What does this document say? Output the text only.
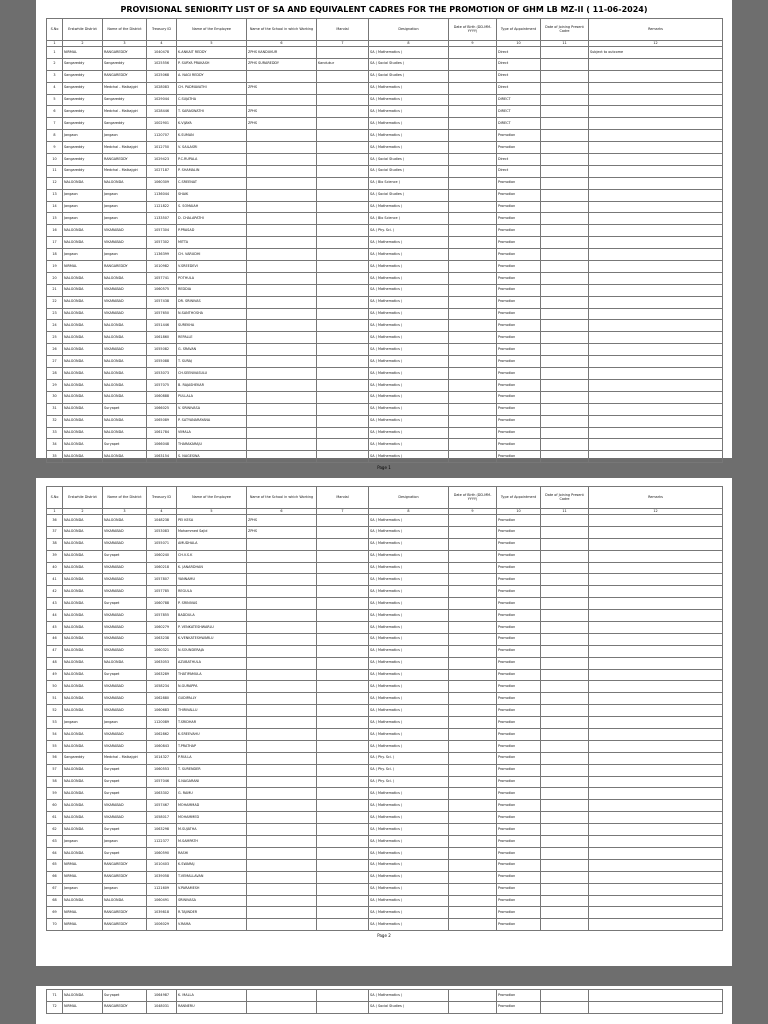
PROVISIONAL SENIORITY LIST OF SA AND EQUIVALENT CADRES FOR THE PROMOTION OF GHM LB MZ-II ( 11-06-2024)
S.No	Erstwhile District	Name of the District	Treasury ID	Name of the Employee	Name of the School in which Working	Mandal	Designation	Date of Birth (DD-MM-YYYY)	Type of Appointment	Date of Joining Present Cadre	Remarks
1	2	3	4	5	6	7	8	9	10	11	12
1	NIRMAL	RANGAREDDY	1040478	K.ANKAIT REDDY	ZPHS KANDUKUR		SA ( Mathematics )		Direct		Subject to outcome
2	Sangareddy	Sangareddy	1025556	P. SURYA PRAKASH	ZPHS SURAREDDY	Kandukur	SA ( Social Studies )		Direct		
3	Sangareddy	RANGAREDDY	1025068	A. NAGI REDDY			SA ( Social Studies )		Direct		
4	Sangareddy	Medchal - Malkajgiri	1028083	CH. PADMAVATHI	ZPHS		SA ( Mathematics )		Direct		
5	Sangareddy	Sangareddy	1029044	C.SUJATHA			SA ( Mathematics )		DIRECT		
6	Sangareddy	Medchal - Malkajgiri	1028446	T. SARASWATHI	ZPHS		SA ( Mathematics )		DIRECT		
7	Sangareddy	Sangareddy	1002901	K.VIJAYA	ZPHS		SA ( Mathematics )		DIRECT		
8	Jangaon	Jangaon	1120707	K.SUMAN			SA ( Mathematics )		Promotion		
9	Sangareddy	Medchal - Malkajgiri	1012750	V. SAILASRI			SA ( Mathematics )		Promotion		
10	Sangareddy	RANGAREDDY	1029423	P.C.RUPALA			SA ( Social Studies )		Direct		
11	Sangareddy	Medchal - Malkajgiri	1027187	P. SHAMALIN			SA ( Social Studies )		Direct		
12	NALGONDA	NALGONDA	1060309	C.SREENAT			SA ( Bio Science )		Promotion		
13	Jangaon	Jangaon	1136044	SHAIK			SA ( Social Studies )		Promotion		
14	Jangaon	Jangaon	1121822	S. SOMAIAH			SA ( Mathematics )		Promotion		
15	Jangaon	Jangaon	1133507	D. CHALAPATHI			SA ( Bio Science )		Promotion		
16	NALGONDA	VIKARABAD	1057304	P.PRASAD			SA ( Phy. Sci. )		Promotion		
17	NALGONDA	VIKARABAD	1057302	MITTA			SA ( Mathematics )		Promotion		
18	Jangaon	Jangaon	1136399	CH. VARUDHI			SA ( Mathematics )		Promotion		
19	NIRMAL	RANGAREDDY	1010982	V.SREEDEVI			SA ( Mathematics )		Promotion		
20	NALGONDA	NALGONDA	1057741	POTHULA			SA ( Mathematics )		Promotion		
21	NALGONDA	VIKARABAD	1060575	REDDIA			SA ( Mathematics )		Promotion		
22	NALGONDA	VIKARABAD	1057438	DR. SRINIVAS			SA ( Mathematics )		Promotion		
23	NALGONDA	VIKARABAD	1057650	N.SANTHOSHA			SA ( Mathematics )		Promotion		
24	NALGONDA	NALGONDA	1051446	SUREKHA			SA ( Mathematics )		Promotion		
25	NALGONDA	NALGONDA	1061860	REPALLE			SA ( Mathematics )		Promotion		
26	NALGONDA	VIKARABAD	1055082	G. SRAVAN			SA ( Mathematics )		Promotion		
27	NALGONDA	NALGONDA	1055088	T. SURAJ			SA ( Mathematics )		Promotion		
28	NALGONDA	NALGONDA	1053073	CH.SEENIVASULU			SA ( Mathematics )		Promotion		
29	NALGONDA	NALGONDA	1057075	B. RAJASHEKAR			SA ( Mathematics )		Promotion		
30	NALGONDA	NALGONDA	1060888	PULLALA			SA ( Mathematics )		Promotion		
31	NALGONDA	Suryapet	1066025	V. SRINIVASA			SA ( Mathematics )		Promotion		
32	NALGONDA	NALGONDA	1065089	P. SATYANARAYANA			SA ( Mathematics )		Promotion		
33	NALGONDA	NALGONDA	1061784	VIMALA			SA ( Mathematics )		Promotion		
34	NALGONDA	Suryapet	1066048	THARAKARAJU			SA ( Mathematics )		Promotion		
35	NALGONDA	NALGONDA	1063154	S. NAGESWA			SA ( Mathematics )		Promotion		
Page 1
S.No	Erstwhile District	Name of the District	Treasury ID	Name of the Employee	Name of the School in which Working	Mandal	Designation	Date of Birth (DD-MM-YYYY)	Type of Appointment	Date of Joining Present Cadre	Remarks
1	2	3	4	5	6	7	8	9	10	11	12
36	NALGONDA	NALGONDA	1048238	PEI KESA	ZPHS		SA ( Mathematics )		Promotion		
37	NALGONDA	VIKARABAD	1053083	Mohammed Sajid	ZPHS		SA ( Mathematics )		Promotion		
38	NALGONDA	VIKARABAD	1055071	AMUDHALA			SA ( Mathematics )		Promotion		
39	NALGONDA	Suryapet	1060240	CH.V.S.K			SA ( Mathematics )		Promotion		
40	NALGONDA	VIKARABAD	1060218	K. JANARDHAN			SA ( Mathematics )		Promotion		
41	NALGONDA	VIKARABAD	1057807	YANNAMU			SA ( Mathematics )		Promotion		
42	NALGONDA	VIKARABAD	1057785	REGULA			SA ( Mathematics )		Promotion		
43	NALGONDA	Suryapet	1060788	P. SRINIVAS			SA ( Mathematics )		Promotion		
44	NALGONDA	VIKARABAD	1057855	BADDULA			SA ( Mathematics )		Promotion		
45	NALGONDA	VIKARABAD	1060279	P. VENKATESHWARLU			SA ( Mathematics )		Promotion		
46	NALGONDA	VIKARABAD	1063238	K.VENKATESHWARLU			SA ( Mathematics )		Promotion		
47	NALGONDA	VIKARABAD	1060321	N.SOUNDERAJA			SA ( Mathematics )		Promotion		
48	NALGONDA	NALGONDA	1063053	AZUBATHULA			SA ( Mathematics )		Promotion		
49	NALGONDA	Suryapet	1063289	THATIPAMULA			SA ( Mathematics )		Promotion		
50	NALGONDA	VIKARABAD	1058234	N.GURAPPA			SA ( Mathematics )		Promotion		
51	NALGONDA	VIKARABAD	1062880	GUDIPALLY			SA ( Mathematics )		Promotion		
52	NALGONDA	VIKARABAD	1060683	THIRIVALLU			SA ( Mathematics )		Promotion		
53	Jangaon	Jangaon	1120089	T.SRIDHAR			SA ( Mathematics )		Promotion		
54	NALGONDA	VIKARABAD	1062862	K.SREEVAHU			SA ( Mathematics )		Promotion		
55	NALGONDA	VIKARABAD	1060843	T.PRATHAP			SA ( Mathematics )		Promotion		
56	Sangareddy	Medchal - Malkajgiri	1014327	P.RULLA			SA ( Phy. Sci. )		Promotion		
57	NALGONDA	Suryapet	1060553	T. SURENDER			SA ( Phy. Sci. )		Promotion		
58	NALGONDA	Suryapet	1057046	S.NAGARANI			SA ( Phy. Sci. )		Promotion		
59	NALGONDA	Suryapet	1063302	G. RAMU			SA ( Mathematics )		Promotion		
60	NALGONDA	VIKARABAD	1057467	MOHAMMAD			SA ( Mathematics )		Promotion		
61	NALGONDA	VIKARABAD	1058017	MOHAMMED			SA ( Mathematics )		Promotion		
62	NALGONDA	Suryapet	1063298	M.SUJATHA			SA ( Mathematics )		Promotion		
63	Jangaon	Jangaon	1122377	M.SAMPATH			SA ( Mathematics )		Promotion		
64	NALGONDA	Suryapet	1060590	RASHI			SA ( Mathematics )		Promotion		
65	NIRMAL	RANGAREDDY	1010403	K.SWARAJ			SA ( Mathematics )		Promotion		
66	NIRMAL	RANGAREDDY	1039058	T.VEMALLAVAN			SA ( Mathematics )		Promotion		
67	Jangaon	Jangaon	1121609	V.PARAMESH			SA ( Mathematics )		Promotion		
68	NALGONDA	NALGONDA	1060491	SRINIVASA			SA ( Mathematics )		Promotion		
69	NIRMAL	RANGAREDDY	1039818	R.TAJINDER			SA ( Mathematics )		Promotion		
70	NIRMAL	RANGAREDDY	1006029	V.RAMA			SA ( Mathematics )		Promotion		
Page 2
71	NALGONDA	Suryapet	1064987	K. MALLA			SA ( Mathematics )		Promotion		
72	NIRMAL	RANGAREDDY	1048031	RANNERU			SA ( Social Studies )		Promotion		
